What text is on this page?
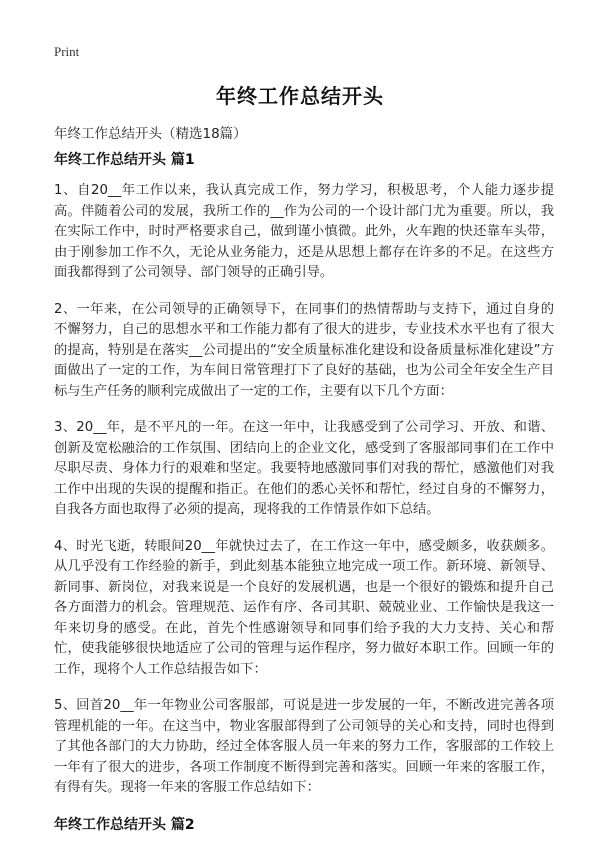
Print
年终工作总结开头
年终工作总结开头（精选18篇）
年终工作总结开头 篇1

1、自20__年工作以来，我认真完成工作，努力学习，积极思考，个人能力逐步提高。伴随着公司的发展，我所工作的__作为公司的一个设计部门尤为重要。所以，我在实际工作中，时时严格要求自己，做到谨小慎微。此外，火车跑的快还靠车头带，由于刚参加工作不久，无论从业务能力，还是从思想上都存在许多的不足。在这些方面我都得到了公司领导、部门领导的正确引导。

2、一年来，在公司领导的正确领导下，在同事们的热情帮助与支持下，通过自身的不懈努力，自己的思想水平和工作能力都有了很大的进步，专业技术水平也有了很大的提高，特别是在落实__公司提出的“安全质量标准化建设和设备质量标准化建设”方面做出了一定的工作，为车间日常管理打下了良好的基础，也为公司全年安全生产目标与生产任务的顺利完成做出了一定的工作，主要有以下几个方面：

3、20__年，是不平凡的一年。在这一年中，让我感受到了公司学习、开放、和谐、创新及宽松融洽的工作氛围、团结向上的企业文化，感受到了客服部同事们在工作中尽职尽责、身体力行的艰难和坚定。我要特地感激同事们对我的帮忙，感激他们对我工作中出现的失误的提醒和指正。在他们的悉心关怀和帮忙，经过自身的不懈努力，自我各方面也取得了必须的提高，现将我的工作情景作如下总结。

4、时光飞逝，转眼间20__年就快过去了，在工作这一年中，感受颇多，收获颇多。从几乎没有工作经验的新手，到此刻基本能独立地完成一项工作。新环境、新领导、新同事、新岗位，对我来说是一个良好的发展机遇，也是一个很好的锻炼和提升自己各方面潜力的机会。管理规范、运作有序、各司其职、兢兢业业、工作愉快是我这一年来切身的感受。在此，首先个性感谢领导和同事们给予我的大力支持、关心和帮忙，使我能够很快地适应了公司的管理与运作程序，努力做好本职工作。回顾一年的工作，现将个人工作总结报告如下：

5、回首20__年一年物业公司客服部，可说是进一步发展的一年，不断改进完善各项管理机能的一年。在这当中，物业客服部得到了公司领导的关心和支持，同时也得到了其他各部门的大力协助，经过全体客服人员一年来的努力工作，客服部的工作较上一年有了很大的进步，各项工作制度不断得到完善和落实。回顾一年来的客服工作，有得有失。现将一年来的客服工作总结如下：

年终工作总结开头 篇2
